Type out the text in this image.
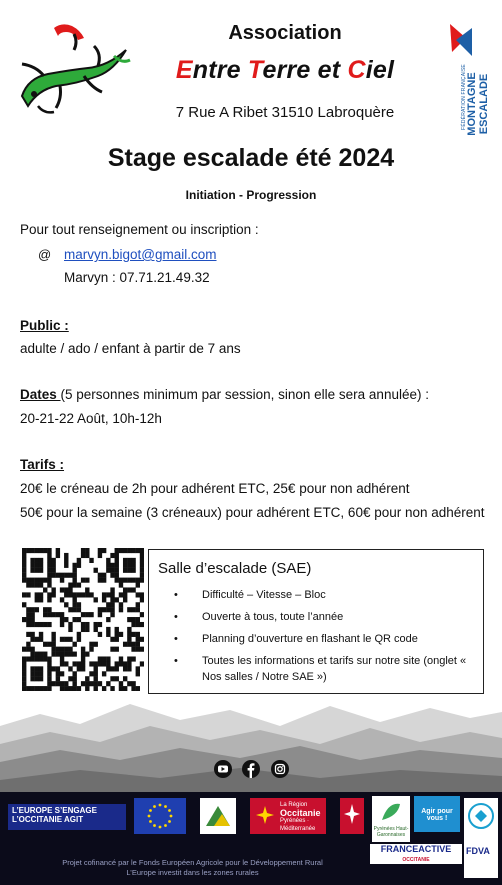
Association
Entre Terre et Ciel
7 Rue A Ribet 31510 Labroquère	FÉDÉRATION FRANÇAISE MONTAGNE ESCALADE
Stage escalade été 2024
Initiation - Progression
Pour tout renseignement ou inscription :
@ marvyn.bigot@gmail.com
Marvyn : 07.71.21.49.32
Public :
adulte / ado / enfant à partir de 7 ans
Dates (5 personnes minimum par session, sinon elle sera annulée) :
20-21-22 Août, 10h-12h
Tarifs :
20€ le créneau de 2h pour adhérent ETC, 25€ pour non adhérent
50€ pour la semaine (3 créneaux) pour adhérent ETC, 60€ pour non adhérent
Salle d’escalade (SAE)
• Difficulté – Vitesse – Bloc
• Ouverte à tous, toute l’année
• Planning d’ouverture en flashant le QR code
• Toutes les informations et tarifs sur notre site (onglet « Nos salles / Notre SAE »)
L’EUROPE S’ENGAGE
L’OCCITANIE AGIT
La Région
Occitanie
Pyrénées · Méditerranée	Pyrénées Haut-Garonnaises
Agir pour vous !
FRANCEACTIVE
OCCITANIE
FDVA
Projet cofinancé par le Fonds Européen Agricole pour le Développement Rural
L’Europe investit dans les zones rurales
